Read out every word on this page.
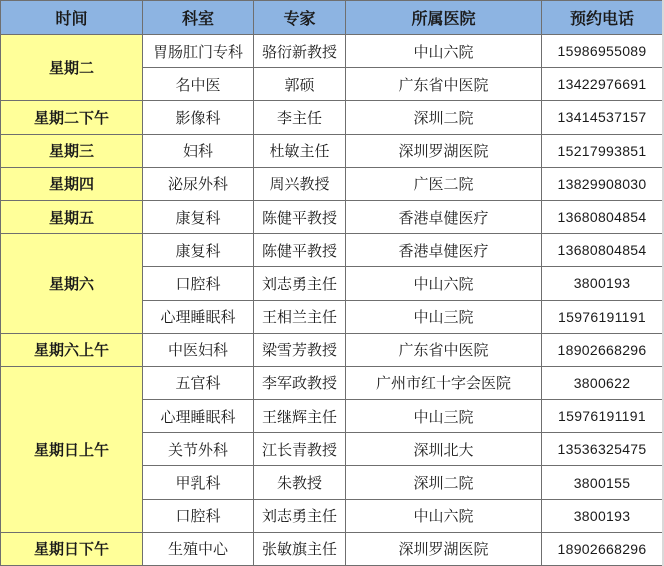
时间	科室	专家	所属医院	预约电话
星期二	胃肠肛门专科	骆衍新教授	中山六院	15986955089
	名中医	郭硕	广东省中医院	13422976691
星期二下午	影像科	李主任	深圳二院	13414537157
星期三	妇科	杜敏主任	深圳罗湖医院	15217993851
星期四	泌尿外科	周兴教授	广医二院	13829908030
星期五	康复科	陈健平教授	香港卓健医疗	13680804854
星期六	康复科	陈健平教授	香港卓健医疗	13680804854
	口腔科	刘志勇主任	中山六院	3800193
	心理睡眠科	王相兰主任	中山三院	15976191191
星期六上午	中医妇科	梁雪芳教授	广东省中医院	18902668296
星期日上午	五官科	李军政教授	广州市红十字会医院	3800622
	心理睡眠科	王继辉主任	中山三院	15976191191
	关节外科	江长青教授	深圳北大	13536325475
	甲乳科	朱教授	深圳二院	3800155
	口腔科	刘志勇主任	中山六院	3800193
星期日下午	生殖中心	张敏旗主任	深圳罗湖医院	18902668296
